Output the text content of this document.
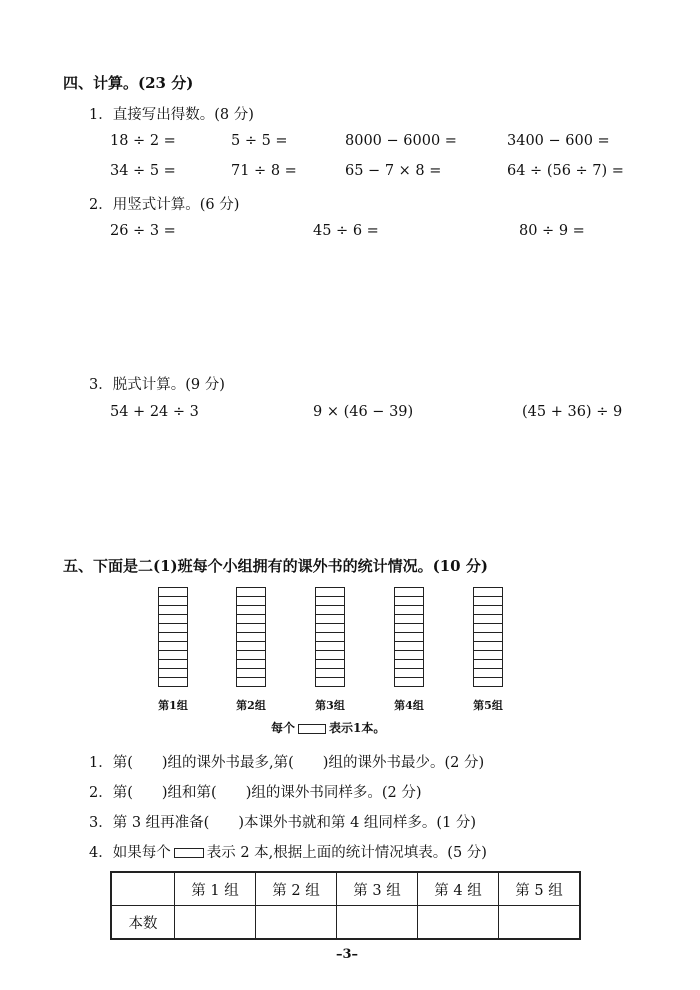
四、计算。(23 分)
1．直接写出得数。(8 分)
18 ÷ 2 =	5 ÷ 5 =	8000 − 6000 =	3400 − 600 =
34 ÷ 5 =	71 ÷ 8 =	65 − 7 × 8 =	64 ÷ (56 ÷ 7) =
2．用竖式计算。(6 分)
26 ÷ 3 =	45 ÷ 6 =	80 ÷ 9 =
3．脱式计算。(9 分)
54 + 24 ÷ 3	9 × (46 − 39)	(45 + 36) ÷ 9
五、下面是二(1)班每个小组拥有的课外书的统计情况。(10 分)
第1组	第2组	第3组	第4组	第5组
每个	表示1本。
1．第(　　)组的课外书最多,第(　　)组的课外书最少。(2 分)
2．第(　　)组和第(　　)组的课外书同样多。(2 分)
3．第 3 组再准备(　　)本课外书就和第 4 组同样多。(1 分)
4．如果每个 表示 2 本,根据上面的统计情况填表。(5 分)
	第 1 组	第 2 组	第 3 组	第 4 组	第 5 组
本数					
–3–
